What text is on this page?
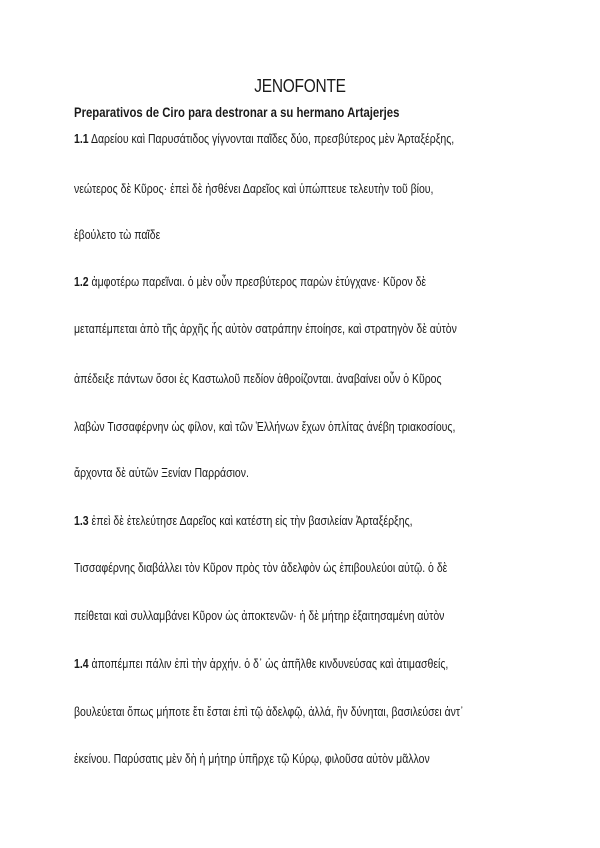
JENOFONTE
Preparativos de Ciro para destronar a su hermano Artajerjes
1.1 Δαρείου καὶ Παρυσάτιδος γίγνονται παῖδες δύο, πρεσβύτερος μὲν Ἀρταξέρξης,
νεώτερος δὲ Κῦρος· ἐπεὶ δὲ ἠσθένει Δαρεῖος καὶ ὑπώπτευε τελευτὴν τοῦ βίου,
ἐβούλετο τὼ παῖδε
1.2 ἀμφοτέρω παρεῖναι. ὁ μὲν οὖν πρεσβύτερος παρὼν ἐτύγχανε· Κῦρον δὲ
μεταπέμπεται ἀπὸ τῆς ἀρχῆς ἧς αὐτὸν σατράπην ἐποίησε, καὶ στρατηγὸν δὲ αὐτὸν
ἀπέδειξε πάντων ὅσοι ἐς Καστωλοῦ πεδίον ἁθροίζονται. ἀναβαίνει οὖν ὁ Κῦρος
λαβὼν Τισσαφέρνην ὡς φίλον, καὶ τῶν Ἑλλήνων ἔχων ὁπλίτας ἀνέβη τριακοσίους,
ἄρχοντα δὲ αὐτῶν Ξενίαν Παρράσιον.
1.3 ἐπεὶ δὲ ἐτελεύτησε Δαρεῖος καὶ κατέστη εἰς τὴν βασιλείαν Ἀρταξέρξης,
Τισσαφέρνης διαβάλλει τὸν Κῦρον πρὸς τὸν ἀδελφὸν ὡς ἐπιβουλεύοι αὐτῷ. ὁ δὲ
πείθεται καὶ συλλαμβάνει Κῦρον ὡς ἀποκτενῶν· ἡ δὲ μήτηρ ἐξαιτησαμένη αὐτὸν
1.4 ἀποπέμπει πάλιν ἐπὶ τὴν ἀρχήν. ὁ δ᾽ ὡς ἀπῆλθε κινδυνεύσας καὶ ἀτιμασθείς,
βουλεύεται ὅπως μήποτε ἔτι ἔσται ἐπὶ τῷ ἀδελφῷ, ἀλλά, ἢν δύνηται, βασιλεύσει ἀντ᾽
ἐκείνου. Παρύσατις μὲν δὴ ἡ μήτηρ ὑπῆρχε τῷ Κύρῳ, φιλοῦσα αὐτὸν μᾶλλον
